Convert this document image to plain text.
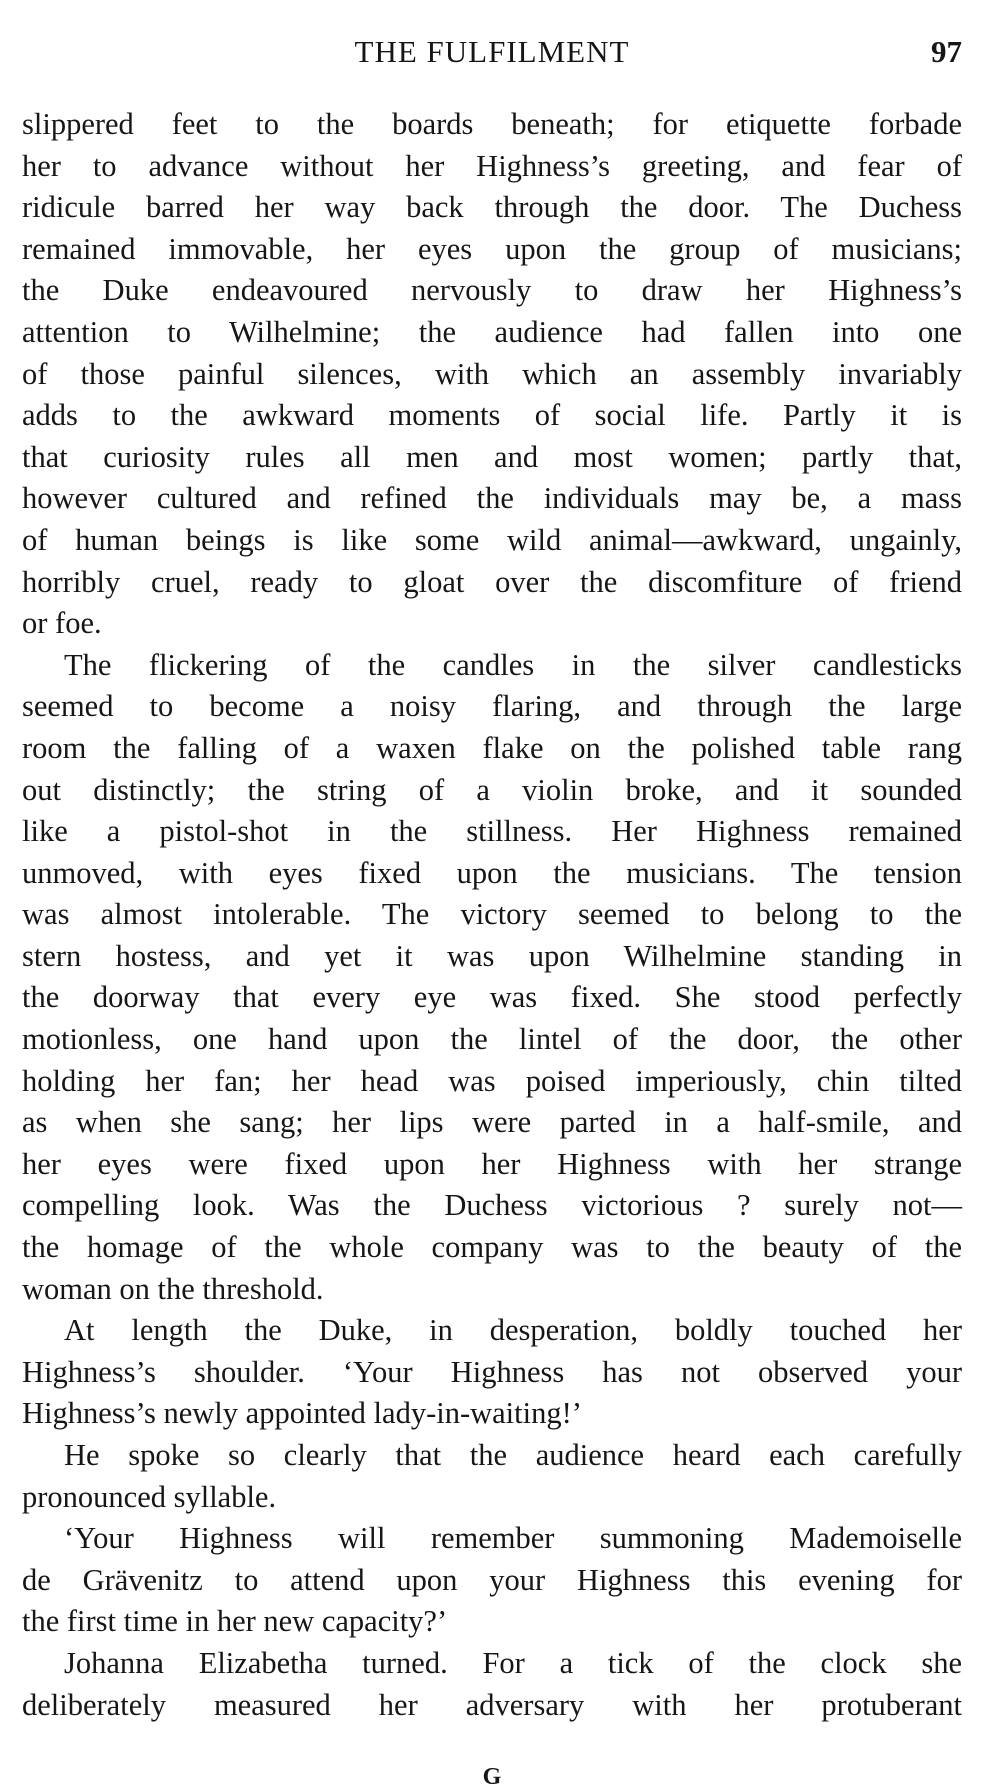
THE FULFILMENT	97
slippered feet to the boards beneath; for etiquette forbade
her to advance without her Highness’s greeting, and fear of
ridicule barred her way back through the door. The Duchess
remained immovable, her eyes upon the group of musicians;
the Duke endeavoured nervously to draw her Highness’s
attention to Wilhelmine; the audience had fallen into one
of those painful silences, with which an assembly invariably
adds to the awkward moments of social life. Partly it is
that curiosity rules all men and most women; partly that,
however cultured and refined the individuals may be, a mass
of human beings is like some wild animal—awkward, ungainly,
horribly cruel, ready to gloat over the discomfiture of friend
or foe.
The flickering of the candles in the silver candlesticks
seemed to become a noisy flaring, and through the large
room the falling of a waxen flake on the polished table rang
out distinctly; the string of a violin broke, and it sounded
like a pistol-shot in the stillness. Her Highness remained
unmoved, with eyes fixed upon the musicians. The tension
was almost intolerable. The victory seemed to belong to the
stern hostess, and yet it was upon Wilhelmine standing in
the doorway that every eye was fixed. She stood perfectly
motionless, one hand upon the lintel of the door, the other
holding her fan; her head was poised imperiously, chin tilted
as when she sang; her lips were parted in a half-smile, and
her eyes were fixed upon her Highness with her strange
compelling look. Was the Duchess victorious ? surely not—
the homage of the whole company was to the beauty of the
woman on the threshold.
At length the Duke, in desperation, boldly touched her
Highness’s shoulder. ‘Your Highness has not observed your
Highness’s newly appointed lady-in-waiting!’
He spoke so clearly that the audience heard each carefully
pronounced syllable.
‘Your Highness will remember summoning Mademoiselle
de Grävenitz to attend upon your Highness this evening for
the first time in her new capacity?’
Johanna Elizabetha turned. For a tick of the clock she
deliberately measured her adversary with her protuberant
G
